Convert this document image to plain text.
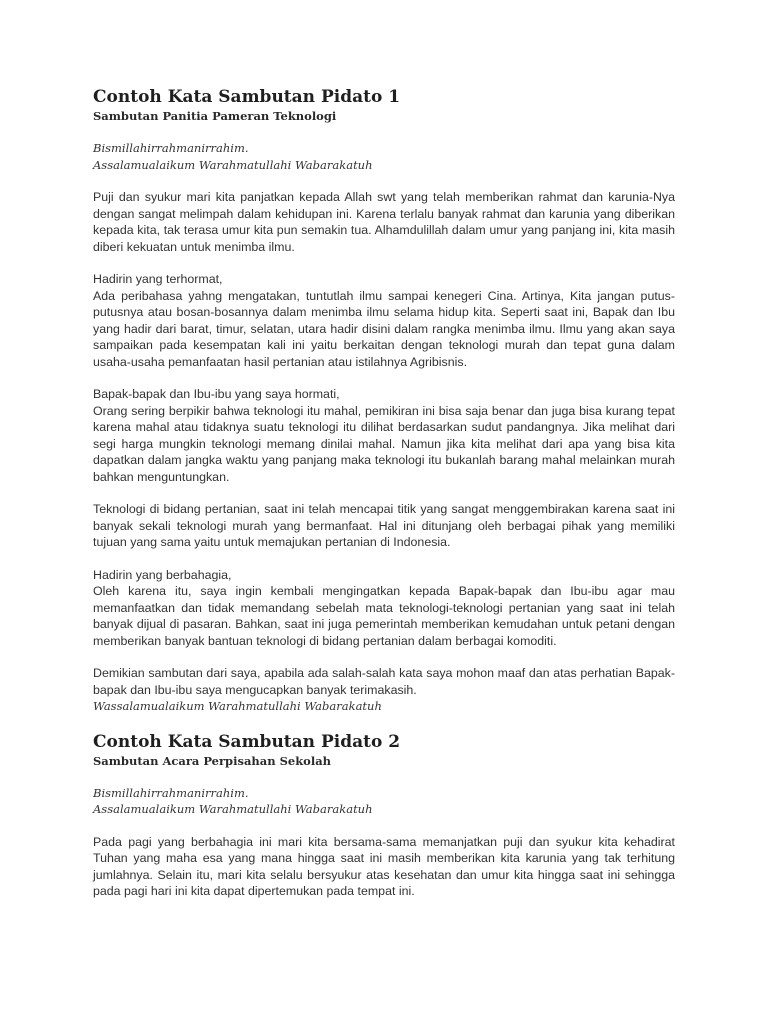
Contoh Kata Sambutan Pidato 1
Sambutan Panitia Pameran Teknologi
Bismillahirrahmanirrahim.
Assalamualaikum Warahmatullahi Wabarakatuh

Puji dan syukur mari kita panjatkan kepada Allah swt yang telah memberikan rahmat dan karunia-Nya dengan sangat melimpah dalam kehidupan ini. Karena terlalu banyak rahmat dan karunia yang diberikan kepada kita, tak terasa umur kita pun semakin tua. Alhamdulillah dalam umur yang panjang ini, kita masih diberi kekuatan untuk menimba ilmu.

Hadirin yang terhormat,
Ada peribahasa yahng mengatakan, tuntutlah ilmu sampai kenegeri Cina. Artinya, Kita jangan putus-putusnya atau bosan-bosannya dalam menimba ilmu selama hidup kita. Seperti saat ini, Bapak dan Ibu yang hadir dari barat, timur, selatan, utara hadir disini dalam rangka menimba ilmu. Ilmu yang akan saya sampaikan pada kesempatan kali ini yaitu berkaitan dengan teknologi murah dan tepat guna dalam usaha-usaha pemanfaatan hasil pertanian atau istilahnya Agribisnis.

Bapak-bapak dan Ibu-ibu yang saya hormati,
Orang sering berpikir bahwa teknologi itu mahal, pemikiran ini bisa saja benar dan juga bisa kurang tepat karena mahal atau tidaknya suatu teknologi itu dilihat berdasarkan sudut pandangnya. Jika melihat dari segi harga mungkin teknologi memang dinilai mahal. Namun jika kita melihat dari apa yang bisa kita dapatkan dalam jangka waktu yang panjang maka teknologi itu bukanlah barang mahal melainkan murah bahkan menguntungkan.

Teknologi di bidang pertanian, saat ini telah mencapai titik yang sangat menggembirakan karena saat ini banyak sekali teknologi murah yang bermanfaat. Hal ini ditunjang oleh berbagai pihak yang memiliki tujuan yang sama yaitu untuk memajukan pertanian di Indonesia.

Hadirin yang berbahagia,
Oleh karena itu, saya ingin kembali mengingatkan kepada Bapak-bapak dan Ibu-ibu agar mau memanfaatkan dan tidak memandang sebelah mata teknologi-teknologi pertanian yang saat ini telah banyak dijual di pasaran. Bahkan, saat ini juga pemerintah memberikan kemudahan untuk petani dengan memberikan banyak bantuan teknologi di bidang pertanian dalam berbagai komoditi.

Demikian sambutan dari saya, apabila ada salah-salah kata saya mohon maaf dan atas perhatian Bapak-bapak dan Ibu-ibu saya mengucapkan banyak terimakasih.
Wassalamualaikum Warahmatullahi Wabarakatuh

Contoh Kata Sambutan Pidato 2
Sambutan Acara Perpisahan Sekolah
Bismillahirrahmanirrahim.
Assalamualaikum Warahmatullahi Wabarakatuh

Pada pagi yang berbahagia ini mari kita bersama-sama memanjatkan puji dan syukur kita kehadirat Tuhan yang maha esa yang mana hingga saat ini masih memberikan kita karunia yang tak terhitung jumlahnya. Selain itu, mari kita selalu bersyukur atas kesehatan dan umur kita hingga saat ini sehingga pada pagi hari ini kita dapat dipertemukan pada tempat ini.
